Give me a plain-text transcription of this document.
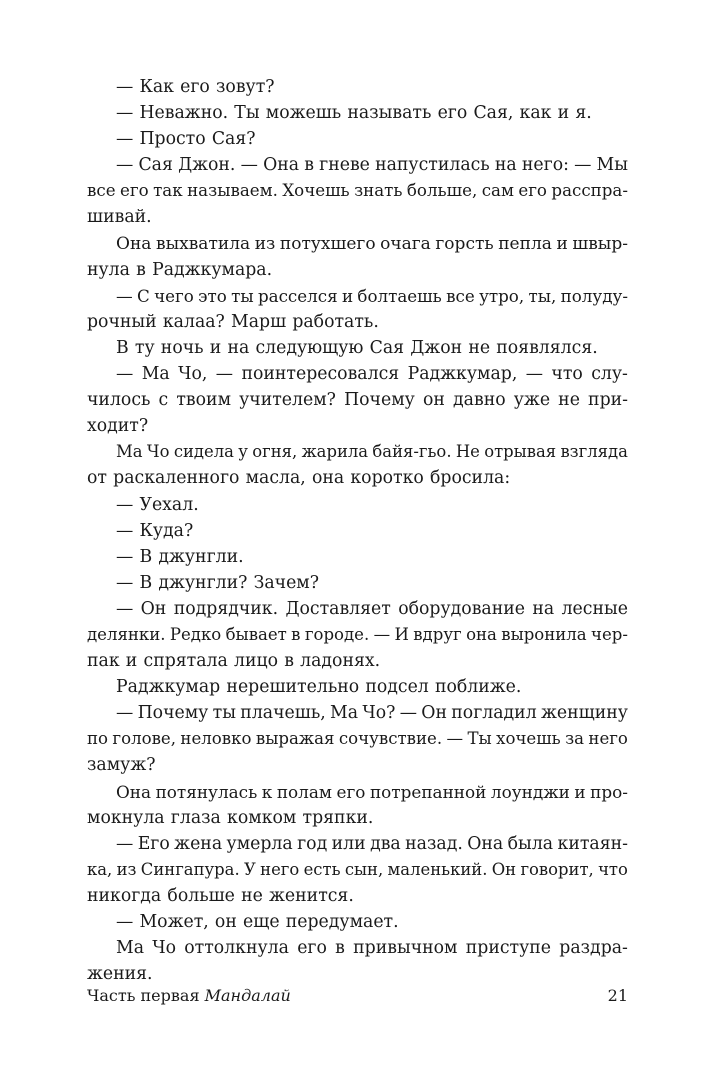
— Как его зовут?
— Неважно. Ты можешь называть его Сая, как и я.
— Просто Сая?
— Сая Джон. — Она в гневе напустилась на него: — Мы
все его так называем. Хочешь знать больше, сам его расспра-
шивай.
Она выхватила из потухшего очага горсть пепла и швыр-
нула в Раджкумара.
— С чего это ты расселся и болтаешь все утро, ты, полуду-
рочный калаа? Марш работать.
В ту ночь и на следующую Сая Джон не появлялся.
— Ма Чо, — поинтересовался Раджкумар, — что слу-
чилось с твоим учителем? Почему он давно уже не при-
ходит?
Ма Чо сидела у огня, жарила байя-гьо. Не отрывая взгляда
от раскаленного масла, она коротко бросила:
— Уехал.
— Куда?
— В джунгли.
— В джунгли? Зачем?
— Он подрядчик. Доставляет оборудование на лесные
делянки. Редко бывает в городе. — И вдруг она выронила чер-
пак и спрятала лицо в ладонях.
Раджкумар нерешительно подсел поближе.
— Почему ты плачешь, Ма Чо? — Он погладил женщину
по голове, неловко выражая сочувствие. — Ты хочешь за него
замуж?
Она потянулась к полам его потрепанной лоунджи и про-
мокнула глаза комком тряпки.
— Его жена умерла год или два назад. Она была китаян-
ка, из Сингапура. У него есть сын, маленький. Он говорит, что
никогда больше не женится.
— Может, он еще передумает.
Ма Чо оттолкнула его в привычном приступе раздра-
жения.
Часть первая Мандалай	21
